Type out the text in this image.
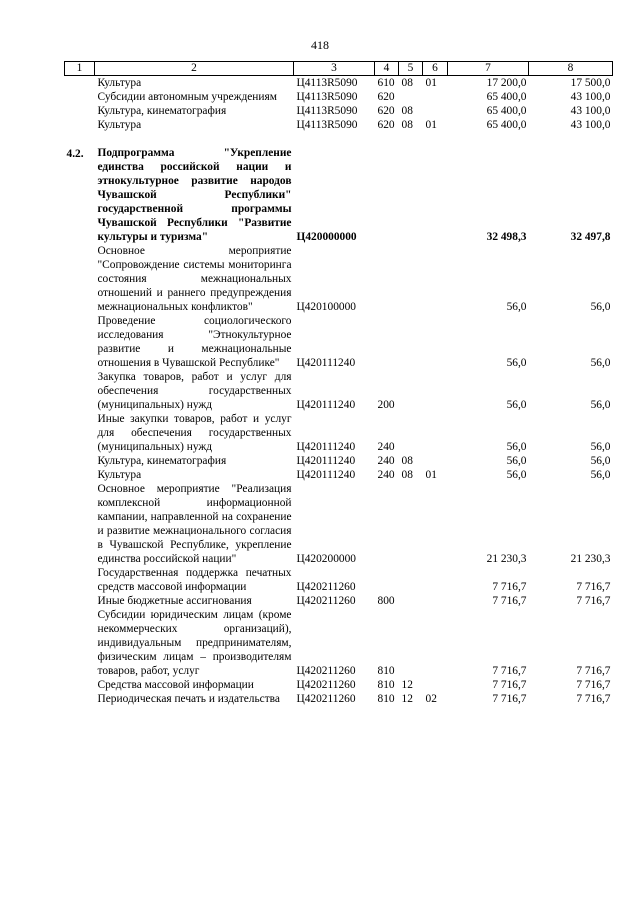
418
1	2	3	4	5	6	7	8
	Культура	Ц4113R5090	610	08	01	17 200,0	17 500,0
	Субсидии автономным учреждениям	Ц4113R5090	620			65 400,0	43 100,0
	Культура, кинематография	Ц4113R5090	620	08		65 400,0	43 100,0
	Культура	Ц4113R5090	620	08	01	65 400,0	43 100,0

4.2.	Подпрограмма "Укрепление единства российской нации и этнокультурное развитие народов Чувашской Республики" государственной программы Чувашской Республики "Развитие культуры и туризма"	Ц420000000				32 498,3	32 497,8
	Основное мероприятие "Сопровождение системы мониторинга состояния межнациональных отношений и раннего предупреждения межнациональных конфликтов"	Ц420100000				56,0	56,0
	Проведение социологического исследования "Этнокультурное развитие и межнациональные отношения в Чувашской Республике"	Ц420111240				56,0	56,0
	Закупка товаров, работ и услуг для обеспечения государственных (муниципальных) нужд	Ц420111240	200			56,0	56,0
	Иные закупки товаров, работ и услуг для обеспечения государственных (муниципальных) нужд	Ц420111240	240			56,0	56,0
	Культура, кинематография	Ц420111240	240	08		56,0	56,0
	Культура	Ц420111240	240	08	01	56,0	56,0
	Основное мероприятие "Реализация комплексной информационной кампании, направленной на сохранение и развитие межнационального согласия в Чувашской Республике, укрепление единства российской нации"	Ц420200000				21 230,3	21 230,3
	Государственная поддержка печатных средств массовой информации	Ц420211260				7 716,7	7 716,7
	Иные бюджетные ассигнования	Ц420211260	800			7 716,7	7 716,7
	Субсидии юридическим лицам (кроме некоммерческих организаций), индивидуальным предпринимателям, физическим лицам – производителям товаров, работ, услуг	Ц420211260	810			7 716,7	7 716,7
	Средства массовой информации	Ц420211260	810	12		7 716,7	7 716,7
	Периодическая печать и издательства	Ц420211260	810	12	02	7 716,7	7 716,7
